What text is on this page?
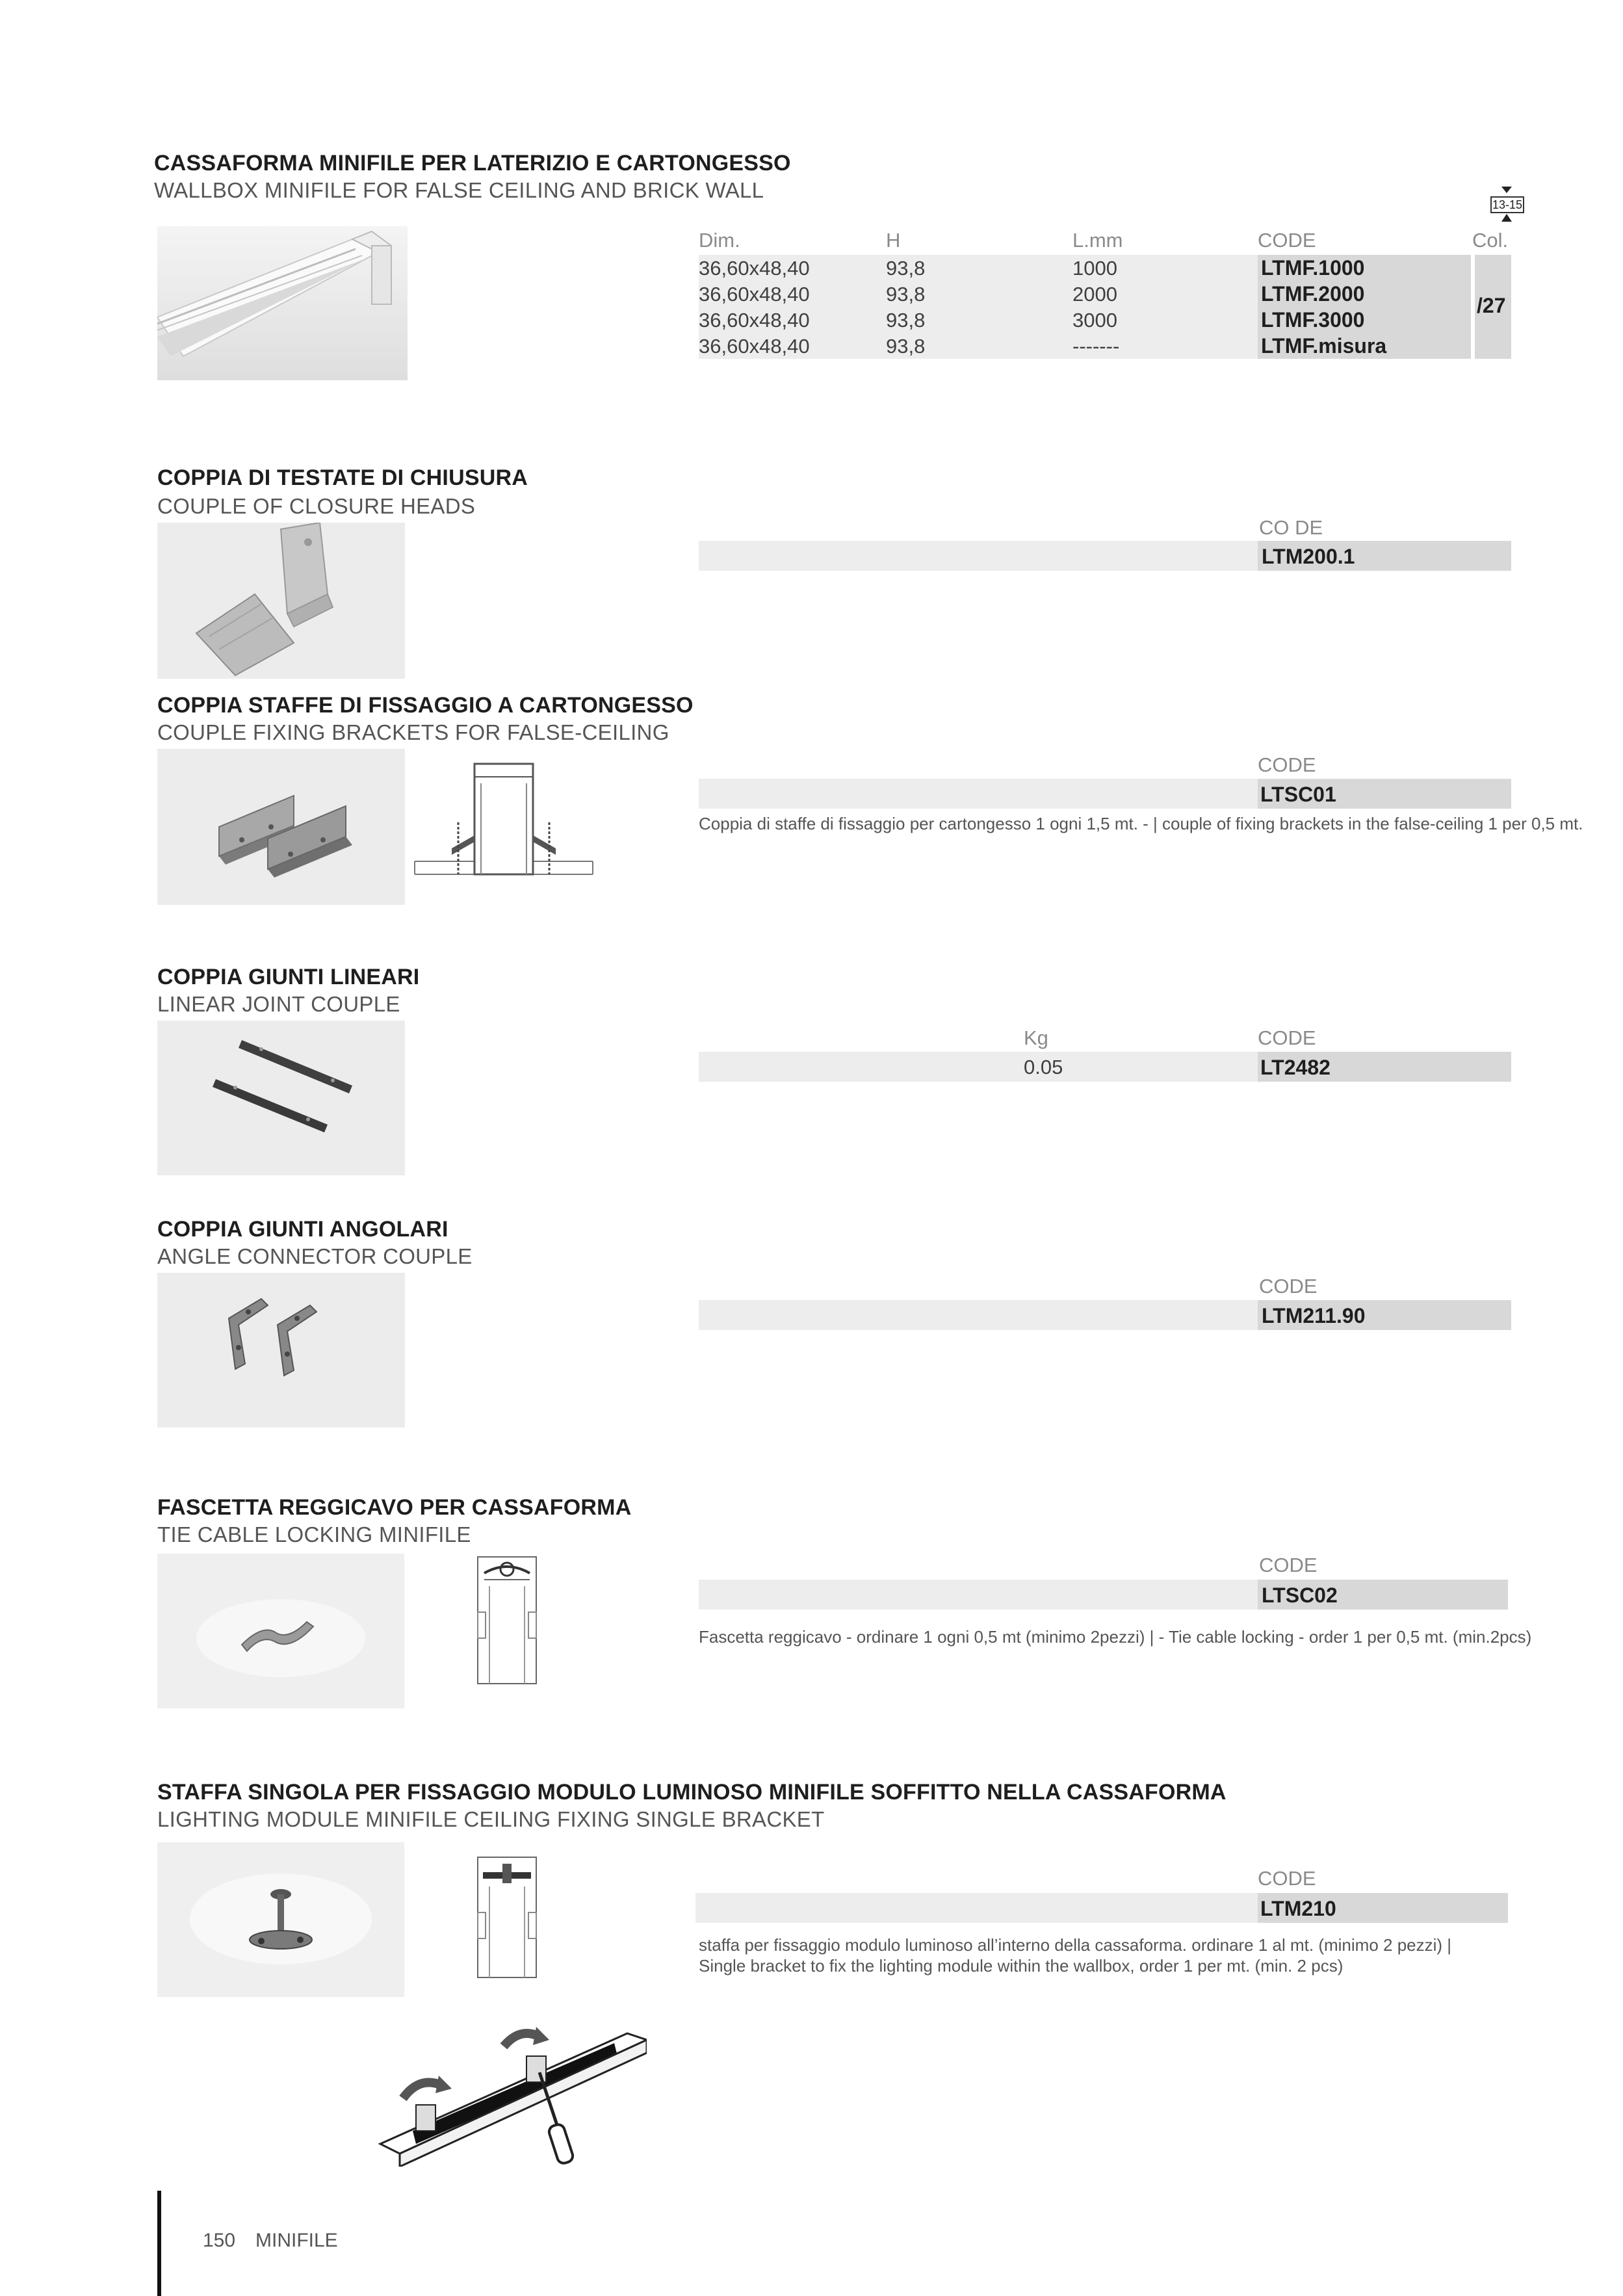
CASSAFORMA MINIFILE PER LATERIZIO E CARTONGESSO
WALLBOX MINIFILE FOR FALSE CEILING AND BRICK WALL
13-15
Dim.	H	L.mm	CODE	Col.
36,60x48,40	93,8	1000	LTMF.1000
36,60x48,40	93,8	2000	LTMF.2000
36,60x48,40	93,8	3000	LTMF.3000
36,60x48,40	93,8	-------	LTMF.misura
/27
COPPIA DI TESTATE DI CHIUSURA
COUPLE OF CLOSURE HEADS
CO DE
LTM200.1
COPPIA STAFFE DI FISSAGGIO A CARTONGESSO
COUPLE FIXING BRACKETS FOR FALSE-CEILING
CODE
LTSC01
Coppia di staffe di fissaggio per cartongesso 1 ogni 1,5 mt. - | couple of fixing brackets in the false-ceiling 1 per 0,5 mt.
COPPIA GIUNTI LINEARI
LINEAR JOINT COUPLE
Kg	CODE
0.05	LT2482
COPPIA GIUNTI ANGOLARI
ANGLE CONNECTOR COUPLE
CODE
LTM211.90
FASCETTA REGGICAVO PER CASSAFORMA
TIE CABLE LOCKING MINIFILE
CODE
LTSC02
Fascetta reggicavo - ordinare 1 ogni 0,5 mt (minimo 2pezzi) | - Tie cable locking - order 1 per 0,5 mt. (min.2pcs)
STAFFA SINGOLA PER FISSAGGIO MODULO LUMINOSO MINIFILE SOFFITTO NELLA CASSAFORMA
LIGHTING MODULE MINIFILE CEILING FIXING SINGLE BRACKET
CODE
LTM210
staffa per fissaggio modulo luminoso all’interno della cassaforma. ordinare 1 al mt. (minimo 2 pezzi) |
Single bracket to fix the lighting module within the wallbox, order 1 per mt. (min. 2 pcs)
150 MINIFILE
